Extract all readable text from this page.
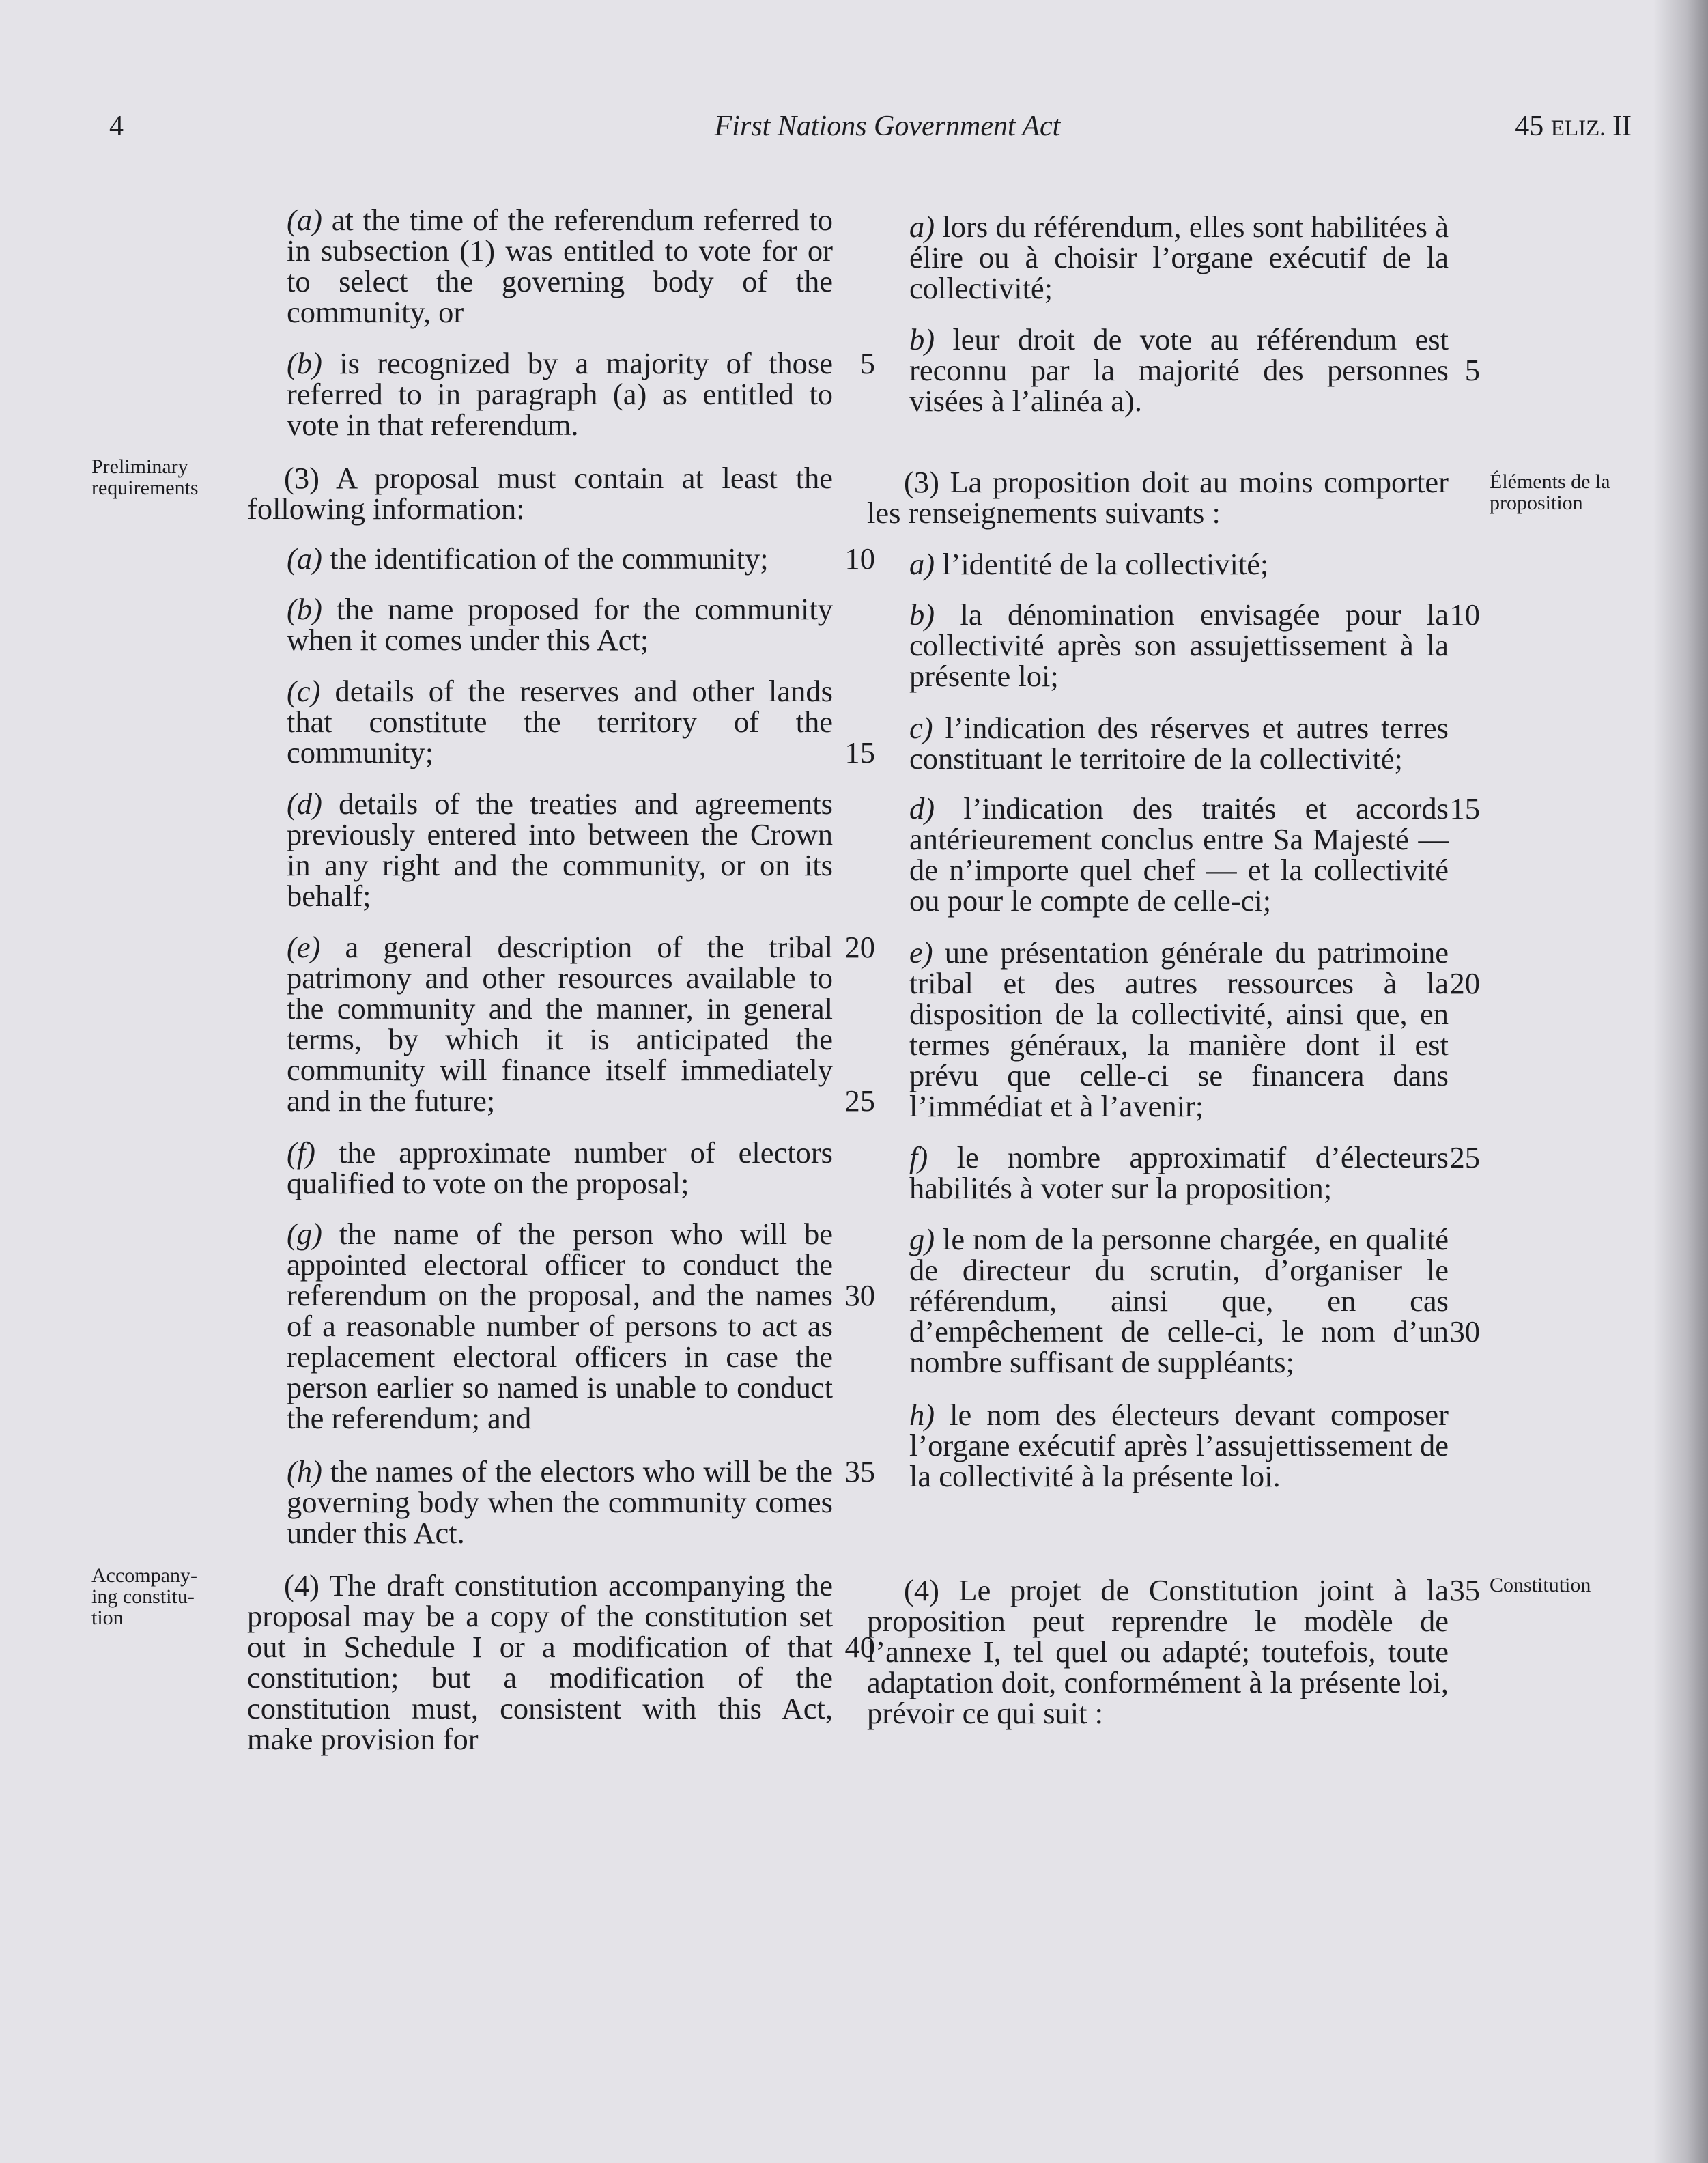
4	First Nations Government Act	45 ELIZ. II
Preliminary requirements	Éléments de la proposition
Accompany- ing constitu- tion
Constitution
(a) at the time of the referendum referred to in subsection (1) was entitled to vote for or to select the governing body of the community, or
(b) is recognized by a majority of those referred to in paragraph (a) as entitled to vote in that referendum.
(3) A proposal must contain at least the following information:
(a) the identification of the community;
(b) the name proposed for the community when it comes under this Act;
(c) details of the reserves and other lands that constitute the territory of the community;
(d) details of the treaties and agreements previously entered into between the Crown in any right and the community, or on its behalf;
(e) a general description of the tribal patrimony and other resources available to the community and the manner, in general terms, by which it is anticipated the community will finance itself immediately and in the future;
(f) the approximate number of electors qualified to vote on the proposal;
(g) the name of the person who will be appointed electoral officer to conduct the referendum on the proposal, and the names of a reasonable number of persons to act as replacement electoral officers in case the person earlier so named is unable to conduct the referendum; and
(h) the names of the electors who will be the governing body when the community comes under this Act.
(4) The draft constitution accompanying the proposal may be a copy of the constitution set out in Schedule I or a modification of that constitution; but a modification of the constitution must, consistent with this Act, make provision for
5
10
15
20
25
30
35
40
a) lors du référendum, elles sont habilitées à élire ou à choisir l’organe exécutif de la collectivité;
b) leur droit de vote au référendum est reconnu par la majorité des personnes visées à l’alinéa a).
(3) La proposition doit au moins comporter les renseignements suivants :
a) l’identité de la collectivité;
b) la dénomination envisagée pour la collectivité après son assujettissement à la présente loi;
c) l’indication des réserves et autres terres constituant le territoire de la collectivité;
d) l’indication des traités et accords antérieurement conclus entre Sa Majesté — de n’importe quel chef — et la collectivité ou pour le compte de celle-ci;
e) une présentation générale du patrimoine tribal et des autres ressources à la disposition de la collectivité, ainsi que, en termes généraux, la manière dont il est prévu que celle-ci se financera dans l’immédiat et à l’avenir;
f) le nombre approximatif d’électeurs habilités à voter sur la proposition;
g) le nom de la personne chargée, en qualité de directeur du scrutin, d’organiser le référendum, ainsi que, en cas d’empêchement de celle-ci, le nom d’un nombre suffisant de suppléants;
h) le nom des électeurs devant composer l’organe exécutif après l’assujettissement de la collectivité à la présente loi.
(4) Le projet de Constitution joint à la proposition peut reprendre le modèle de l’annexe I, tel quel ou adapté; toutefois, toute adaptation doit, conformément à la présente loi, prévoir ce qui suit :
5
10
15
20
25
30
35
